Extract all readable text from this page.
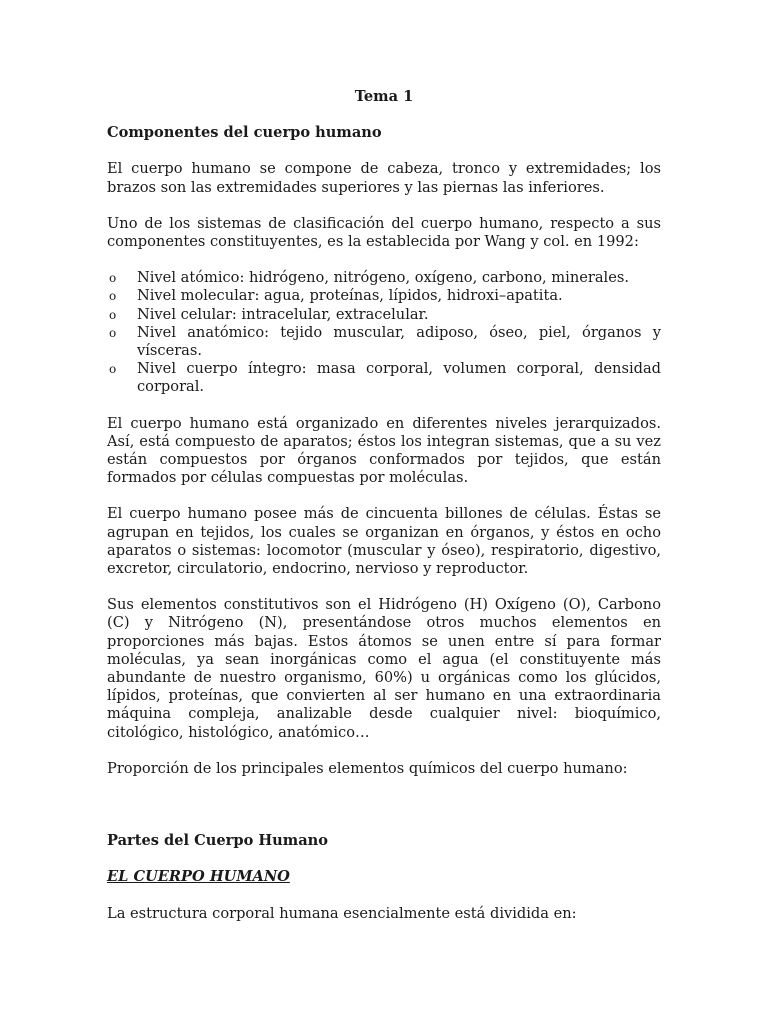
Tema 1
Componentes del cuerpo humano

El cuerpo humano se compone de cabeza, tronco y extremidades; los brazos son las extremidades superiores y las piernas las inferiores.

Uno de los sistemas de clasificación del cuerpo humano, respecto a sus componentes constituyentes, es la establecida por Wang y col. en 1992:

o Nivel atómico: hidrógeno, nitrógeno, oxígeno, carbono, minerales.
o Nivel molecular: agua, proteínas, lípidos, hidroxi–apatita.
o Nivel celular: intracelular, extracelular.
o Nivel anatómico: tejido muscular, adiposo, óseo, piel, órganos y vísceras.
o Nivel cuerpo íntegro: masa corporal, volumen corporal, densidad corporal.

El cuerpo humano está organizado en diferentes niveles jerarquizados. Así, está compuesto de aparatos; éstos los integran sistemas, que a su vez están compuestos por órganos conformados por tejidos, que están formados por células compuestas por moléculas.

El cuerpo humano posee más de cincuenta billones de células. Éstas se agrupan en tejidos, los cuales se organizan en órganos, y éstos en ocho aparatos o sistemas: locomotor (muscular y óseo), respiratorio, digestivo, excretor, circulatorio, endocrino, nervioso y reproductor.

Sus elementos constitutivos son el Hidrógeno (H) Oxígeno (O), Carbono (C) y Nitrógeno (N), presentándose otros muchos elementos en proporciones más bajas. Estos átomos se unen entre sí para formar moléculas, ya sean inorgánicas como el agua (el constituyente más abundante de nuestro organismo, 60%) u orgánicas como los glúcidos, lípidos, proteínas, que convierten al ser humano en una extraordinaria máquina compleja, analizable desde cualquier nivel: bioquímico, citológico, histológico, anatómico…

Proporción de los principales elementos químicos del cuerpo humano:

Partes del Cuerpo Humano
EL CUERPO HUMANO

La estructura corporal humana esencialmente está dividida en:
